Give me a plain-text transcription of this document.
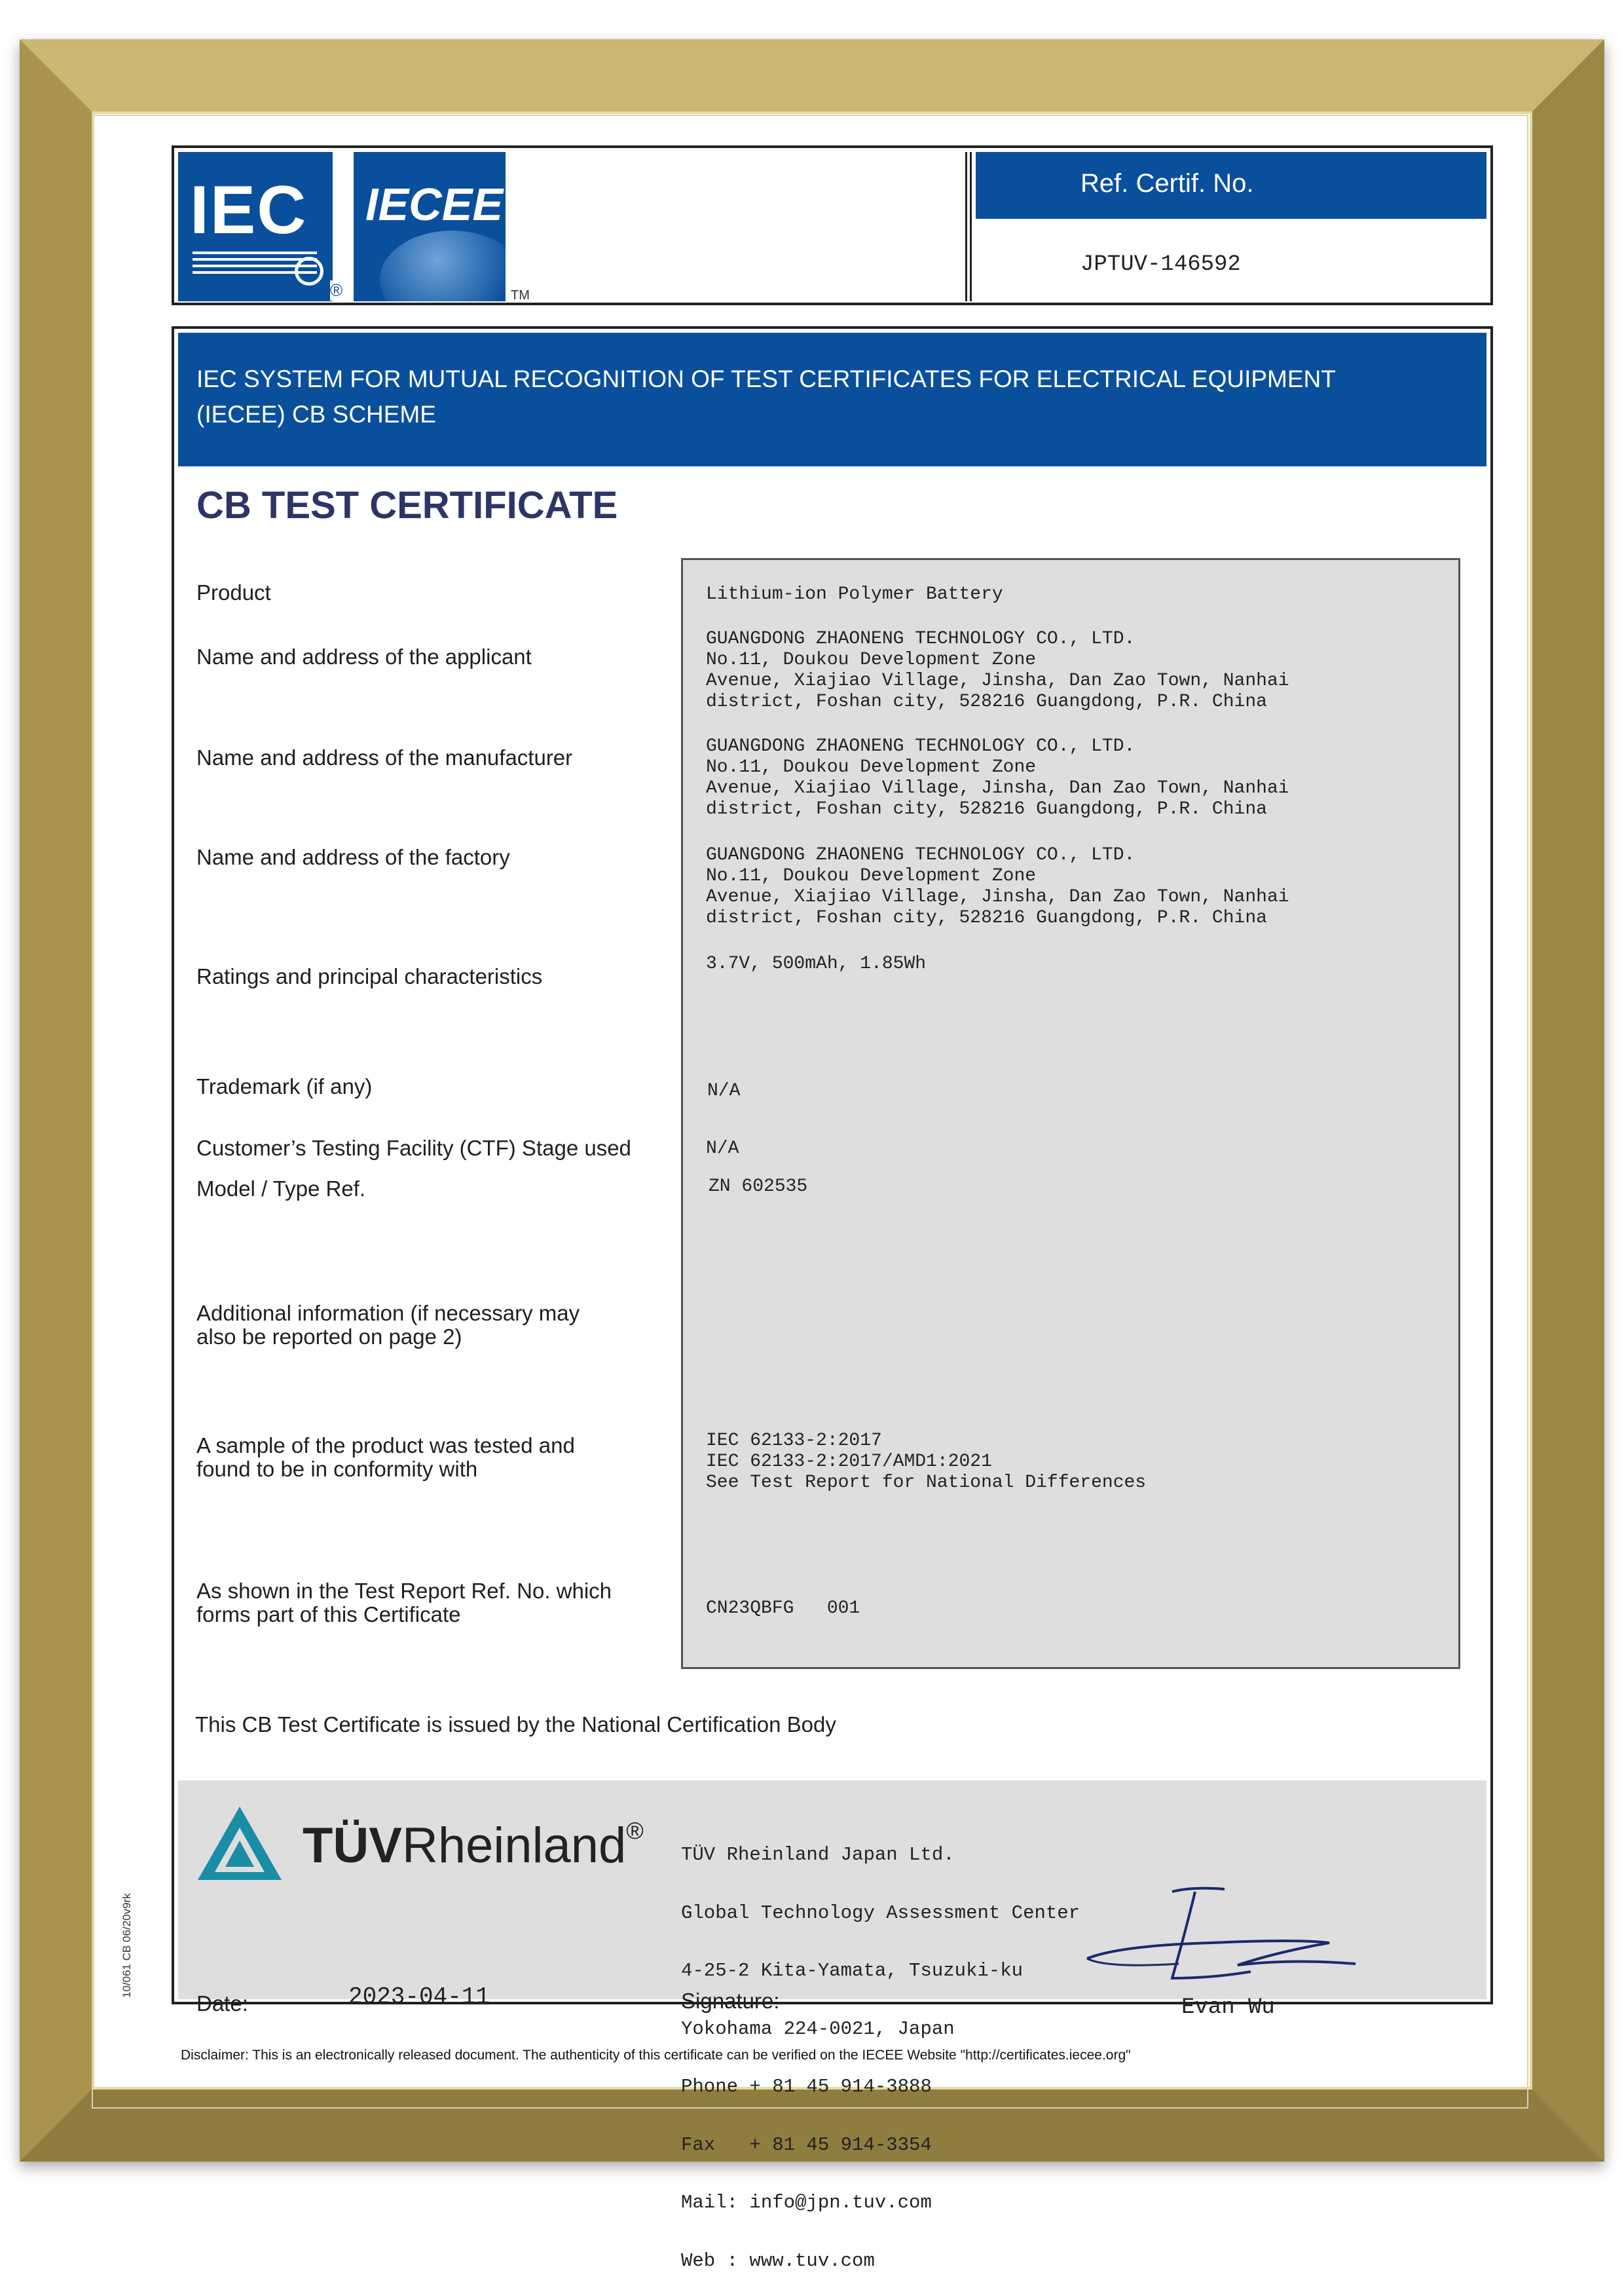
IEC
®
IECEE
TM
Ref. Certif. No.
JPTUV-146592
IEC SYSTEM FOR MUTUAL RECOGNITION OF TEST CERTIFICATES FOR ELECTRICAL EQUIPMENT
(IECEE) CB SCHEME
CB TEST CERTIFICATE
Product	Lithium-ion Polymer Battery
Name and address of the applicant
GUANGDONG ZHAONENG TECHNOLOGY CO., LTD.
No.11, Doukou Development Zone
Avenue, Xiajiao Village, Jinsha, Dan Zao Town, Nanhai
district, Foshan city, 528216 Guangdong, P.R. China
Name and address of the manufacturer	GUANGDONG ZHAONENG TECHNOLOGY CO., LTD.
No.11, Doukou Development Zone
Avenue, Xiajiao Village, Jinsha, Dan Zao Town, Nanhai
district, Foshan city, 528216 Guangdong, P.R. China
Name and address of the factory	GUANGDONG ZHAONENG TECHNOLOGY CO., LTD.
No.11, Doukou Development Zone
Avenue, Xiajiao Village, Jinsha, Dan Zao Town, Nanhai
district, Foshan city, 528216 Guangdong, P.R. China
Ratings and principal characteristics
3.7V, 500mAh, 1.85Wh
Trademark (if any)	N/A
Customer’s Testing Facility (CTF) Stage used	N/A
Model / Type Ref.	ZN 602535
Additional information (if necessary may
also be reported on page 2)
A sample of the product was tested and
found to be in conformity with
IEC 62133-2:2017
IEC 62133-2:2017/AMD1:2021
See Test Report for National Differences
As shown in the Test Report Ref. No. which
forms part of this Certificate	CN23QBFG   001
This CB Test Certificate is issued by the National Certification Body
TÜVRheinland®

TÜV Rheinland Japan Ltd.

Global Technology Assessment Center

4-25-2 Kita-Yamata, Tsuzuki-ku

Yokohama 224-0021, Japan

Phone + 81 45 914-3888

Fax   + 81 45 914-3354

Mail: info@jpn.tuv.com

Web : www.tuv.com

Date:	2023-04-11	Signature:	Evan Wu
Disclaimer: This is an electronically released document. The authenticity of this certificate can be verified on the IECEE Website "http://certificates.iecee.org"
10/061 CB 06/20v9rk
